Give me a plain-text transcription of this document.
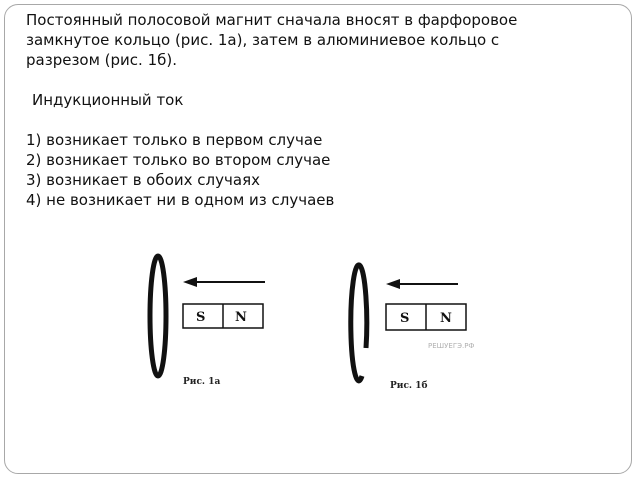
Постоянный полосовой магнит сначала вносят в фарфоровое

замкнутое кольцо (рис. 1а), затем в алюминиевое кольцо с

разрезом (рис. 1б).

Индукционный ток

1) возникает только в первом случае

2) возникает только во втором случае

3) возникает в обоих случаях

4) не возникает ни в одном из случаев

S N
Рис. 1а
S N
РЕШУЕГЭ.РФ
Рис. 1б
